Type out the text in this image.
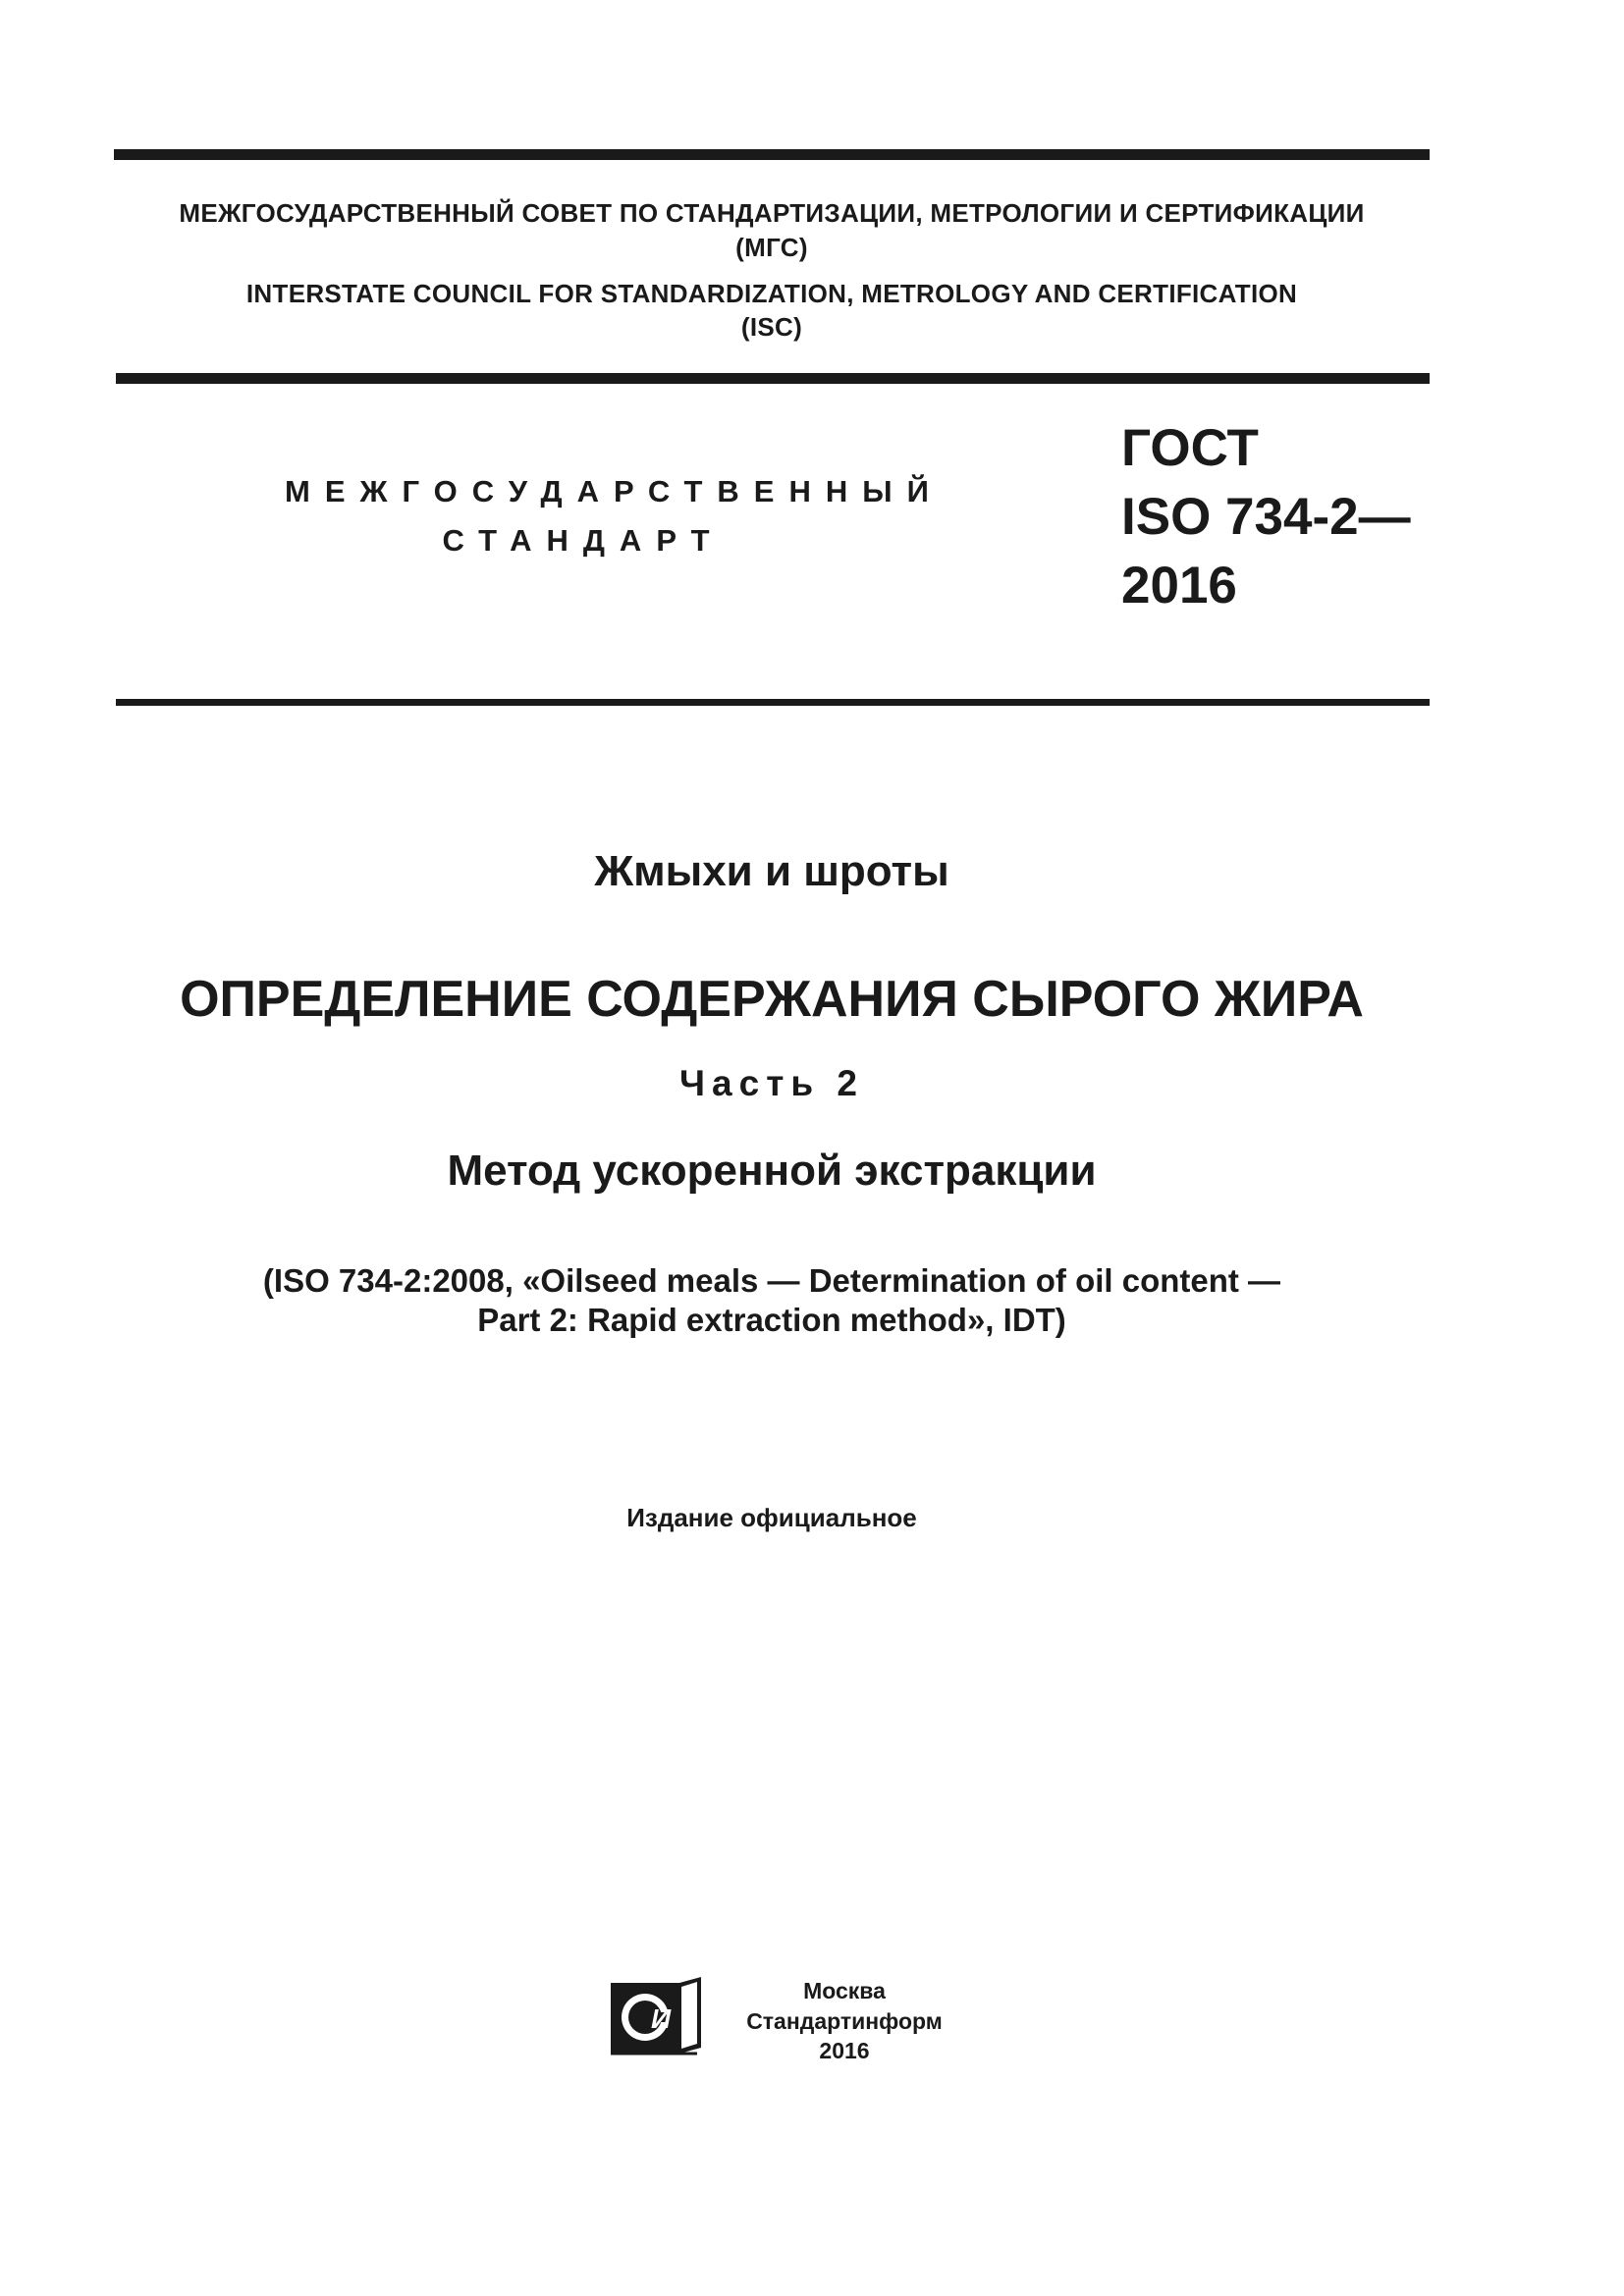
МЕЖГОСУДАРСТВЕННЫЙ СОВЕТ ПО СТАНДАРТИЗАЦИИ, МЕТРОЛОГИИ И СЕРТИФИКАЦИИ
(МГС)
INTERSTATE COUNCIL FOR STANDARDIZATION, METROLOGY AND CERTIFICATION
(ISC)
МЕЖГОСУДАРСТВЕННЫЙ
СТАНДАРТ
ГОСТ
ISO 734-2—
2016
Жмыхи и шроты
ОПРЕДЕЛЕНИЕ СОДЕРЖАНИЯ СЫРОГО ЖИРА
Часть 2
Метод ускоренной экстракции
(ISO 734-2:2008, «Oilseed meals — Determination of oil content —
Part 2: Rapid extraction method», IDT)
Издание официальное
И
Москва
Стандартинформ
2016
